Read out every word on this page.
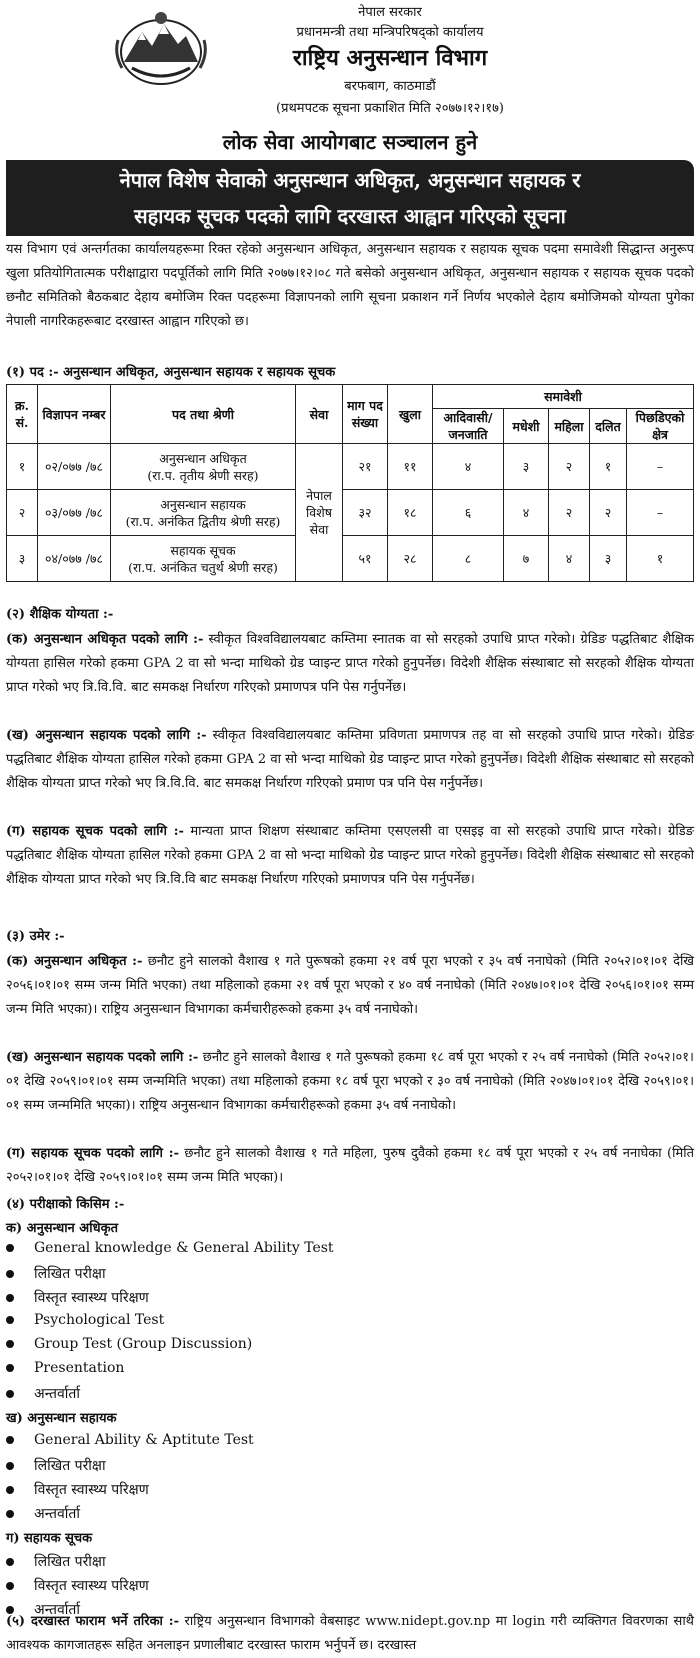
नेपाल सरकार
प्रधानमन्त्री तथा मन्त्रिपरिषद्को कार्यालय
राष्ट्रिय अनुसन्धान विभाग
बरफबाग, काठमाडौं
(प्रथमपटक सूचना प्रकाशित मिति २०७७।१२।१७)
लोक सेवा आयोगबाट सञ्चालन हुने
नेपाल विशेष सेवाको अनुसन्धान अधिकृत, अनुसन्धान सहायक र
सहायक सूचक पदको लागि दरखास्त आह्वान गरिएको सूचना
यस विभाग एवं अन्तर्गतका कार्यालयहरूमा रिक्त रहेको अनुसन्धान अधिकृत, अनुसन्धान सहायक र सहायक सूचक पदमा समावेशी सिद्धान्त अनुरूप खुला प्रतियोगितात्मक परीक्षाद्वारा पदपूर्तिको लागि मिति २०७७।१२।०८ गते बसेको अनुसन्धान अधिकृत, अनुसन्धान सहायक र सहायक सूचक पदको छनौट समितिको बैठकबाट देहाय बमोजिम रिक्त पदहरूमा विज्ञापनको लागि सूचना प्रकाशन गर्ने निर्णय भएकोले देहाय बमोजिमको योग्यता पुगेका नेपाली नागरिकहरूबाट दरखास्त आह्वान गरिएको छ।
(१) पद :- अनुसन्धान अधिकृत, अनुसन्धान सहायक र सहायक सूचक
क्र. सं.	विज्ञापन नम्बर	पद तथा श्रेणी	सेवा	माग पद संख्या	खुला	समावेशी				
						आदिवासी/ जनजाति	मधेशी	महिला	दलित	पिछडिएको क्षेत्र
१	०२/०७७ /७८	अनुसन्धान अधिकृत
(रा.प. तृतीय श्रेणी सरह)	नेपाल विशेष सेवा	२१	११	४	३	२	१	–
२	०३/०७७ /७८	अनुसन्धान सहायक
(रा.प. अनंकित द्वितीय श्रेणी सरह)		३२	१८	६	४	२	२	–
३	०४/०७७ /७८	सहायक सूचक
(रा.प. अनंकित चतुर्थ श्रेणी सरह)		५१	२८	८	७	४	३	१
(२) शैक्षिक योग्यता :-
(क) अनुसन्धान अधिकृत पदको लागि :- स्वीकृत विश्वविद्यालयबाट कम्तिमा स्नातक वा सो सरहको उपाधि प्राप्त गरेको। ग्रेडिङ पद्धतिबाट शैक्षिक योग्यता हासिल गरेको हकमा GPA 2 वा सो भन्दा माथिको ग्रेड प्वाइन्ट प्राप्त गरेको हुनुपर्नेछ। विदेशी शैक्षिक संस्थाबाट सो सरहको शैक्षिक योग्यता प्राप्त गरेको भए त्रि.वि.वि. बाट समकक्ष निर्धारण गरिएको प्रमाणपत्र पनि पेस गर्नुपर्नेछ।
(ख) अनुसन्धान सहायक पदको लागि :- स्वीकृत विश्वविद्यालयबाट कम्तिमा प्रविणता प्रमाणपत्र तह वा सो सरहको उपाधि प्राप्त गरेको। ग्रेडिङ पद्धतिबाट शैक्षिक योग्यता हासिल गरेको हकमा GPA 2 वा सो भन्दा माथिको ग्रेड प्वाइन्ट प्राप्त गरेको हुनुपर्नेछ। विदेशी शैक्षिक संस्थाबाट सो सरहको शैक्षिक योग्यता प्राप्त गरेको भए त्रि.वि.वि. बाट समकक्ष निर्धारण गरिएको प्रमाण पत्र पनि पेस गर्नुपर्नेछ।
(ग) सहायक सूचक पदको लागि :- मान्यता प्राप्त शिक्षण संस्थाबाट कम्तिमा एसएलसी वा एसइइ वा सो सरहको उपाधि प्राप्त गरेको। ग्रेडिङ पद्धतिबाट शैक्षिक योग्यता हासिल गरेको हकमा GPA 2 वा सो भन्दा माथिको ग्रेड प्वाइन्ट प्राप्त गरेको हुनुपर्नेछ। विदेशी शैक्षिक संस्थाबाट सो सरहको शैक्षिक योग्यता प्राप्त गरेको भए त्रि.वि.वि बाट समकक्ष निर्धारण गरिएको प्रमाणपत्र पनि पेस गर्नुपर्नेछ।
(३) उमेर :-
(क) अनुसन्धान अधिकृत :- छनौट हुने सालको वैशाख १ गते पुरूषको हकमा २१ वर्ष पूरा भएको र ३५ वर्ष ननाघेको (मिति २०५२।०१।०१ देखि २०५६।०१।०१ सम्म जन्म मिति भएका) तथा महिलाको हकमा २१ वर्ष पूरा भएको र ४० वर्ष ननाघेको (मिति २०४७।०१।०१ देखि २०५६।०१।०१ सम्म जन्म मिति भएका)। राष्ट्रिय अनुसन्धान विभागका कर्मचारीहरूको हकमा ३५ वर्ष ननाघेको।
(ख) अनुसन्धान सहायक पदको लागि :- छनौट हुने सालको वैशाख १ गते पुरूषको हकमा १८ वर्ष पूरा भएको र २५ वर्ष ननाघेको (मिति २०५२।०१।०१ देखि २०५९।०१।०१ सम्म जन्ममिति भएका) तथा महिलाको हकमा १८ वर्ष पूरा भएको र ३० वर्ष ननाघेको (मिति २०४७।०१।०१ देखि २०५९।०१।०१ सम्म जन्ममिति भएका)। राष्ट्रिय अनुसन्धान विभागका कर्मचारीहरूको हकमा ३५ वर्ष ननाघेको।
(ग) सहायक सूचक पदको लागि :- छनौट हुने सालको वैशाख १ गते महिला, पुरुष दुवैको हकमा १८ वर्ष पूरा भएको र २५ वर्ष ननाघेका (मिति २०५२।०१।०१ देखि २०५९।०१।०१ सम्म जन्म मिति भएका)।
(४) परीक्षाको किसिम :-
क) अनुसन्धान अधिकृत
General knowledge & General Ability Test
लिखित परीक्षा
विस्तृत स्वास्थ्य परिक्षण
Psychological Test
Group Test (Group Discussion)
Presentation
अन्तर्वार्ता
ख) अनुसन्धान सहायक
General Ability & Aptitute Test
लिखित परीक्षा
विस्तृत स्वास्थ्य परिक्षण
अन्तर्वार्ता
ग) सहायक सूचक
लिखित परीक्षा
विस्तृत स्वास्थ्य परिक्षण
अन्तर्वार्ता
(५) दरखास्त फाराम भर्ने तरिका :- राष्ट्रिय अनुसन्धान विभागको वेबसाइट www.nidept.gov.np मा login गरी व्यक्तिगत विवरणका साथै आवश्यक कागजातहरू सहित अनलाइन प्रणालीबाट दरखास्त फाराम भर्नुपर्ने छ। दरखास्त
